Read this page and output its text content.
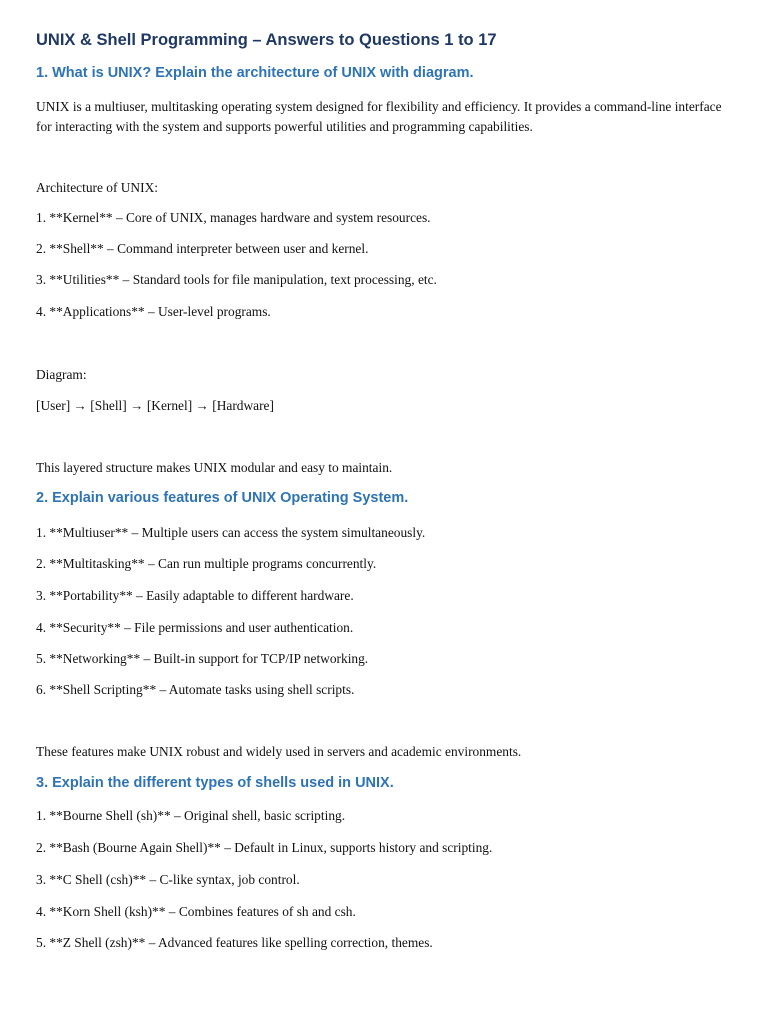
UNIX & Shell Programming – Answers to Questions 1 to 17
1. What is UNIX? Explain the architecture of UNIX with diagram.
UNIX is a multiuser, multitasking operating system designed for flexibility and efficiency. It provides a command-line interface for interacting with the system and supports powerful utilities and programming capabilities.
Architecture of UNIX:
1. **Kernel** – Core of UNIX, manages hardware and system resources.
2. **Shell** – Command interpreter between user and kernel.
3. **Utilities** – Standard tools for file manipulation, text processing, etc.
4. **Applications** – User-level programs.
Diagram:
[User] → [Shell] → [Kernel] → [Hardware]
This layered structure makes UNIX modular and easy to maintain.
2. Explain various features of UNIX Operating System.
1. **Multiuser** – Multiple users can access the system simultaneously.
2. **Multitasking** – Can run multiple programs concurrently.
3. **Portability** – Easily adaptable to different hardware.
4. **Security** – File permissions and user authentication.
5. **Networking** – Built-in support for TCP/IP networking.
6. **Shell Scripting** – Automate tasks using shell scripts.
These features make UNIX robust and widely used in servers and academic environments.
3. Explain the different types of shells used in UNIX.
1. **Bourne Shell (sh)** – Original shell, basic scripting.
2. **Bash (Bourne Again Shell)** – Default in Linux, supports history and scripting.
3. **C Shell (csh)** – C-like syntax, job control.
4. **Korn Shell (ksh)** – Combines features of sh and csh.
5. **Z Shell (zsh)** – Advanced features like spelling correction, themes.
